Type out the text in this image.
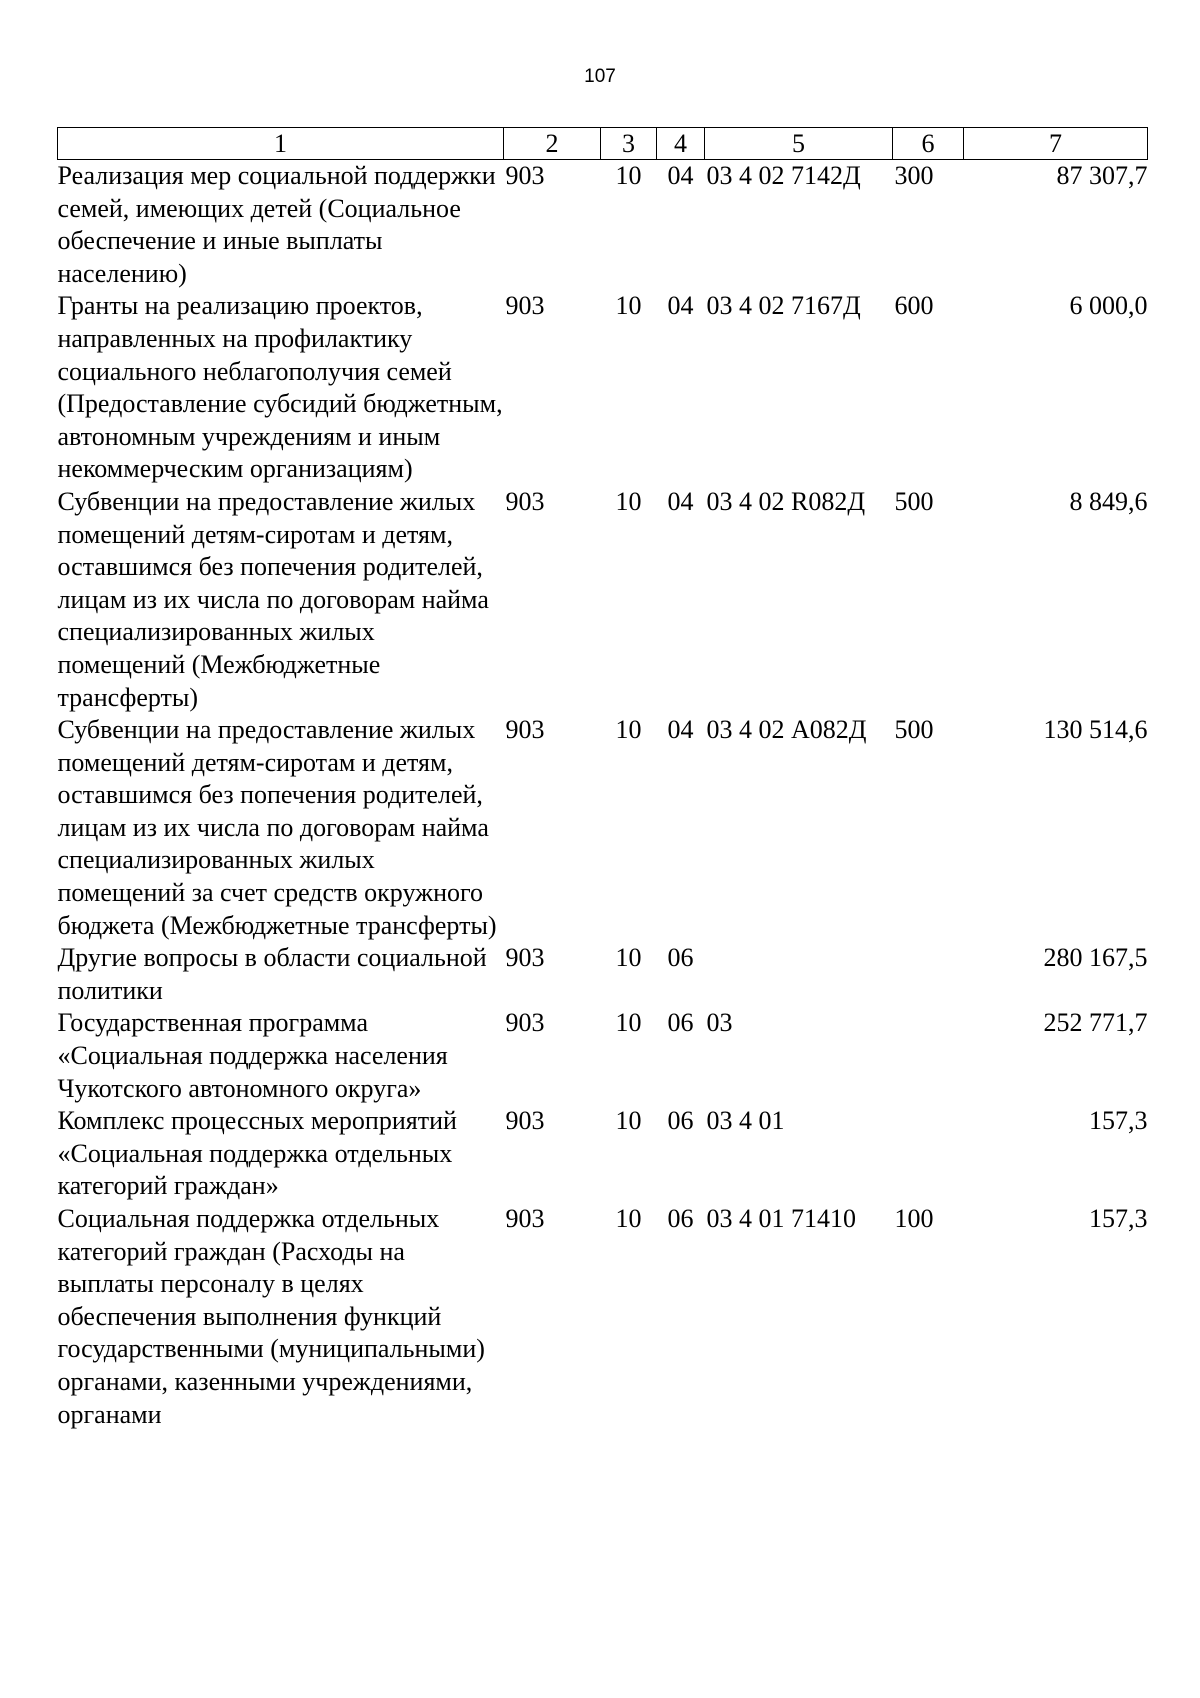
107
1	2	3	4	5	6	7
Реализация мер социальной поддержки семей, имеющих детей (Социальное обеспечение и иные выплаты населению)	903	10	04	03 4 02 7142Д	300	87 307,7
Гранты на реализацию проектов, направленных на профилактику социального неблагополучия семей (Предоставление субсидий бюджетным, автономным учреждениям и иным некоммерческим организациям)	903	10	04	03 4 02 7167Д	600	6 000,0
Субвенции на предоставление жилых помещений детям-сиротам и детям, оставшимся без попечения родителей, лицам из их числа по договорам найма специализированных жилых помещений (Межбюджетные трансферты)	903	10	04	03 4 02 R082Д	500	8 849,6
Субвенции на предоставление жилых помещений детям-сиротам и детям, оставшимся без попечения родителей, лицам из их числа по договорам найма специализированных жилых помещений за счет средств окружного бюджета (Межбюджетные трансферты)	903	10	04	03 4 02 А082Д	500	130 514,6
Другие вопросы в области социальной политики	903	10	06			280 167,5
Государственная программа «Социальная поддержка населения Чукотского автономного округа»	903	10	06	03		252 771,7
Комплекс процессных мероприятий «Социальная поддержка отдельных категорий граждан»	903	10	06	03 4 01		157,3
Социальная поддержка отдельных категорий граждан (Расходы на выплаты персоналу в целях обеспечения выполнения функций государственными (муниципальными) органами, казенными учреждениями, органами	903	10	06	03 4 01 71410	100	157,3
